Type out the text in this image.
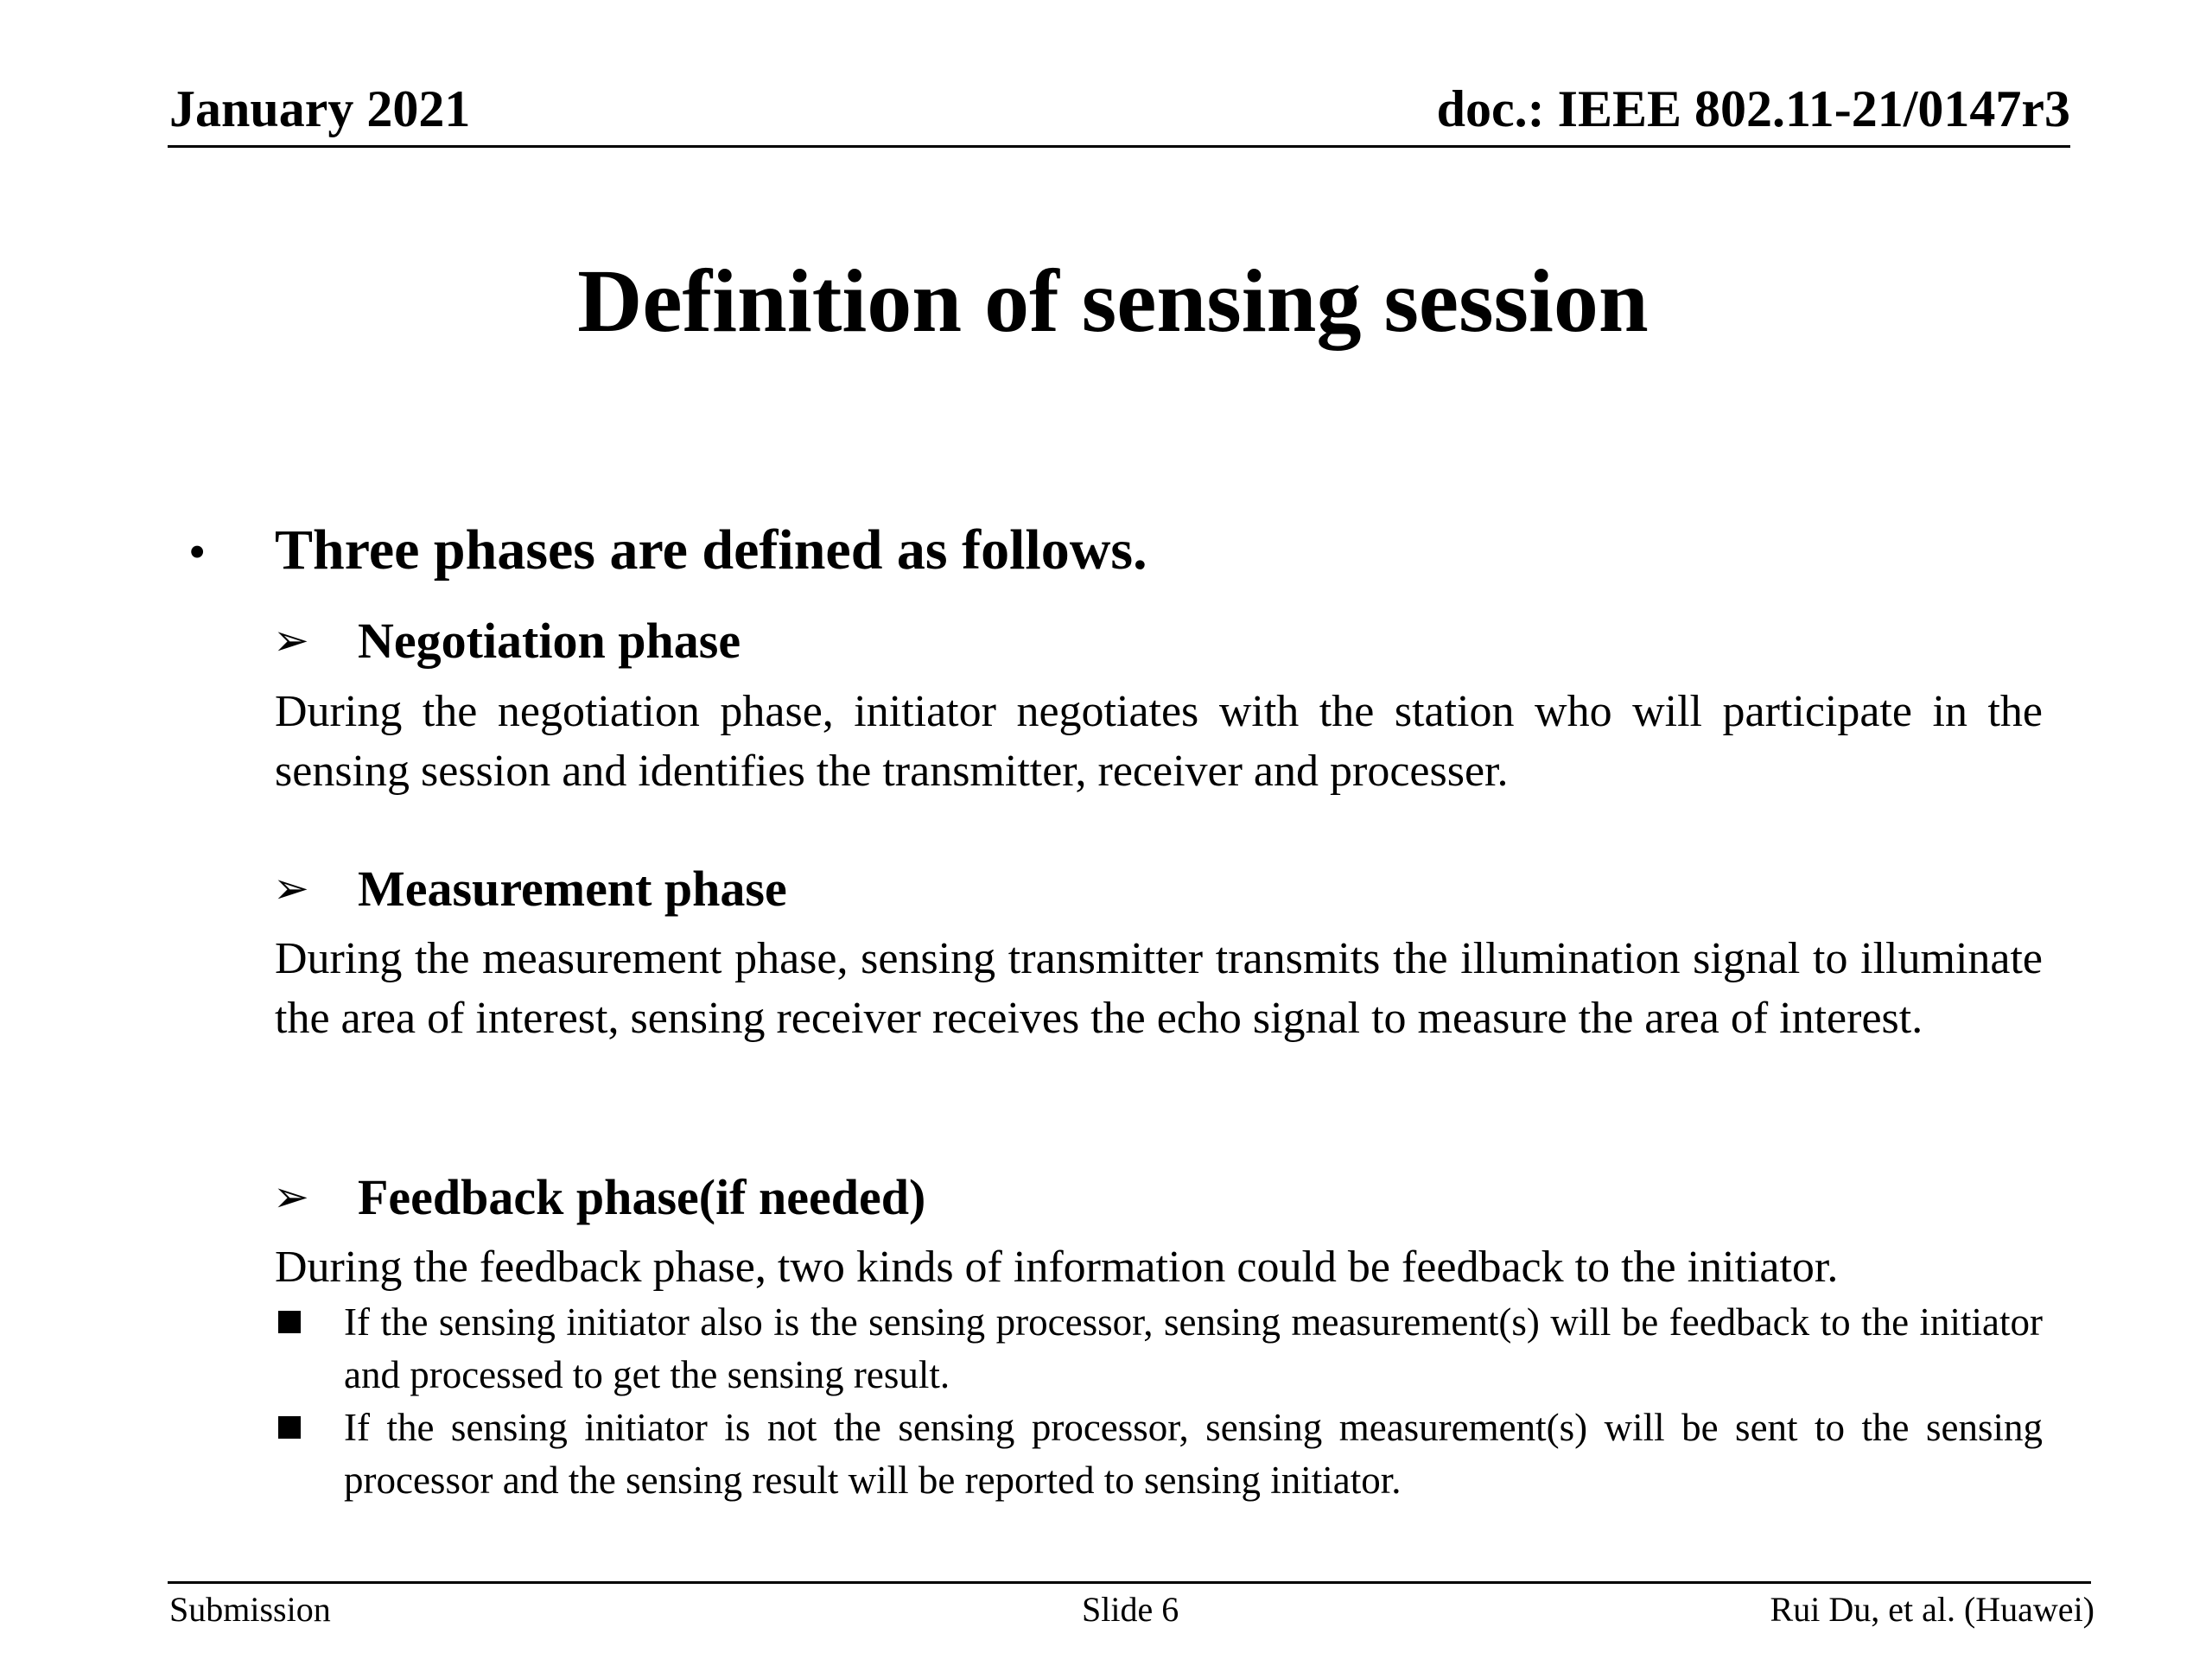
January 2021	doc.: IEEE 802.11-21/0147r3
Definition of sensing session
• Three phases are defined as follows.
➢ Negotiation phase
During the negotiation phase, initiator negotiates with the station who will participate in the sensing session and identifies the transmitter, receiver and processer.
➢ Measurement phase
During the measurement phase, sensing transmitter transmits the illumination signal to illuminate the area of interest, sensing receiver receives the echo signal to measure the area of interest.
➢ Feedback phase(if needed)
During the feedback phase, two kinds of information could be feedback to the initiator.
If the sensing initiator also is the sensing processor, sensing measurement(s) will be feedback to the initiator and processed to get the sensing result.
If the sensing initiator is not the sensing processor, sensing measurement(s) will be sent to the sensing processor and the sensing result will be reported to sensing initiator.
Submission	Slide 6	Rui Du, et al. (Huawei)
